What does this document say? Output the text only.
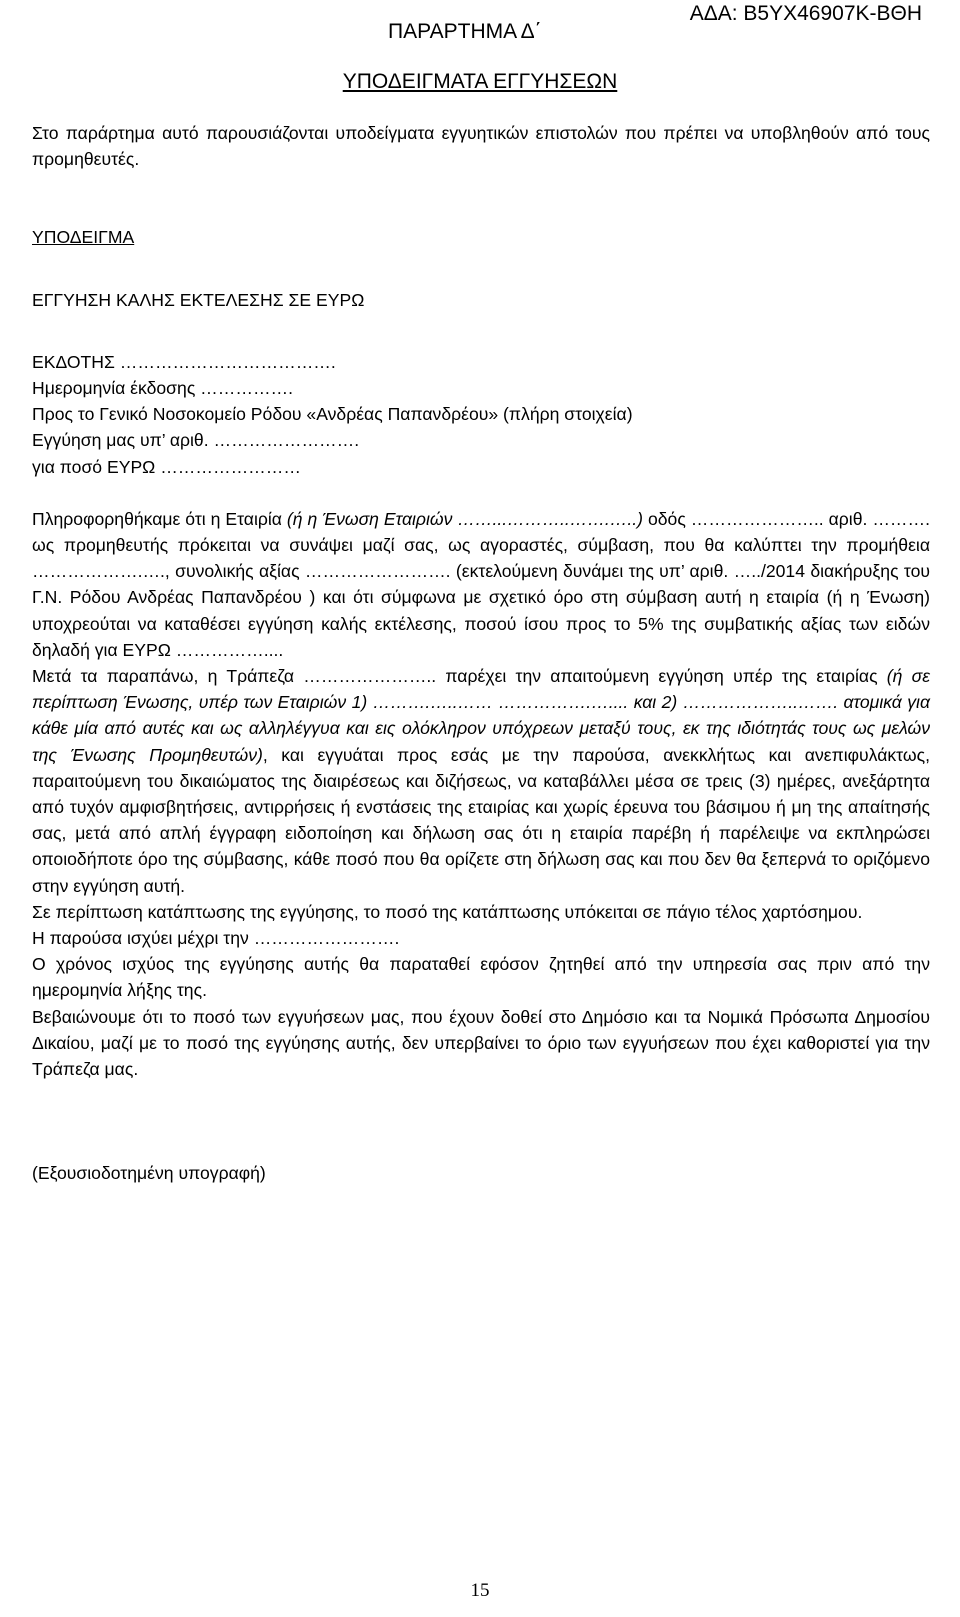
ΑΔΑ: Β5ΥΧ46907Κ-ΒΘΗ
ΠΑΡΑΡΤΗΜΑ Δ΄
ΥΠΟΔΕΙΓΜΑΤΑ ΕΓΓΥΗΣΕΩΝ

Στο παράρτημα αυτό παρουσιάζονται υποδείγματα εγγυητικών επιστολών που πρέπει να υποβληθούν από τους προμηθευτές.

ΥΠΟΔΕΙΓΜΑ

ΕΓΓΥΗΣΗ ΚΑΛΗΣ ΕΚΤΕΛΕΣΗΣ ΣΕ ΕΥΡΩ

ΕΚΔΟΤΗΣ ……………………………….

Ημερομηνία έκδοσης …………….

Προς το Γενικό Νοσοκομείο Ρόδου «Ανδρέας Παπανδρέου» (πλήρη στοιχεία)

Εγγύηση μας υπ’ αριθ. …………………….

για ποσό ΕΥΡΩ ……………………

Πληροφορηθήκαμε ότι η Εταιρία (ή η Ένωση Εταιριών ……...………..…….…..) οδός ………………….. αριθ. ………. ως προμηθευτής πρόκειται να συνάψει μαζί σας, ως αγοραστές, σύμβαση, που θα καλύπτει την προμήθεια ……………….…., συνολικής αξίας ……………………. (εκτελούμενη δυνάμει της υπ’ αριθ. …../2014 διακήρυξης του Γ.Ν. Ρόδου Ανδρέας Παπανδρέου ) και ότι σύμφωνα με σχετικό όρο στη σύμβαση αυτή η εταιρία (ή η Ένωση) υποχρεούται να καταθέσει εγγύηση καλής εκτέλεσης, ποσού ίσου προς το 5% της συμβατικής αξίας των ειδών δηλαδή για ΕΥΡΩ ……………....

Μετά τα παραπάνω, η Τράπεζα ………………….. παρέχει την απαιτούμενη εγγύηση υπέρ της εταιρίας (ή σε περίπτωση Ένωσης, υπέρ των Εταιριών 1) ……….…..…… …………….….... και 2) ………………..……. ατομικά για κάθε μία από αυτές και ως αλληλέγγυα και εις ολόκληρον υπόχρεων μεταξύ τους, εκ της ιδιότητάς τους ως μελών της Ένωσης Προμηθευτών), και εγγυάται προς εσάς με την παρούσα, ανεκκλήτως και ανεπιφυλάκτως, παραιτούμενη του δικαιώματος της διαιρέσεως και διζήσεως, να καταβάλλει μέσα σε τρεις (3) ημέρες, ανεξάρτητα από τυχόν αμφισβητήσεις, αντιρρήσεις ή ενστάσεις της εταιρίας και χωρίς έρευνα του βάσιμου ή μη της απαίτησής σας, μετά από απλή έγγραφη ειδοποίηση και δήλωση σας ότι η εταιρία παρέβη ή παρέλειψε να εκπληρώσει οποιοδήποτε όρο της σύμβασης, κάθε ποσό που θα ορίζετε στη δήλωση σας και που δεν θα ξεπερνά το οριζόμενο στην εγγύηση αυτή.

Σε περίπτωση κατάπτωσης της εγγύησης, το ποσό της κατάπτωσης υπόκειται σε πάγιο τέλος χαρτόσημου.

Η παρούσα ισχύει μέχρι την …………………….

Ο χρόνος ισχύος της εγγύησης αυτής θα παραταθεί εφόσον ζητηθεί από την υπηρεσία σας πριν από την ημερομηνία λήξης της.

Βεβαιώνουμε ότι το ποσό των εγγυήσεων μας, που έχουν δοθεί στο Δημόσιο και τα Νομικά Πρόσωπα Δημοσίου Δικαίου, μαζί με το ποσό της εγγύησης αυτής, δεν υπερβαίνει το όριο των εγγυήσεων που έχει καθοριστεί για την Τράπεζα μας.

(Εξουσιοδοτημένη υπογραφή)

15
